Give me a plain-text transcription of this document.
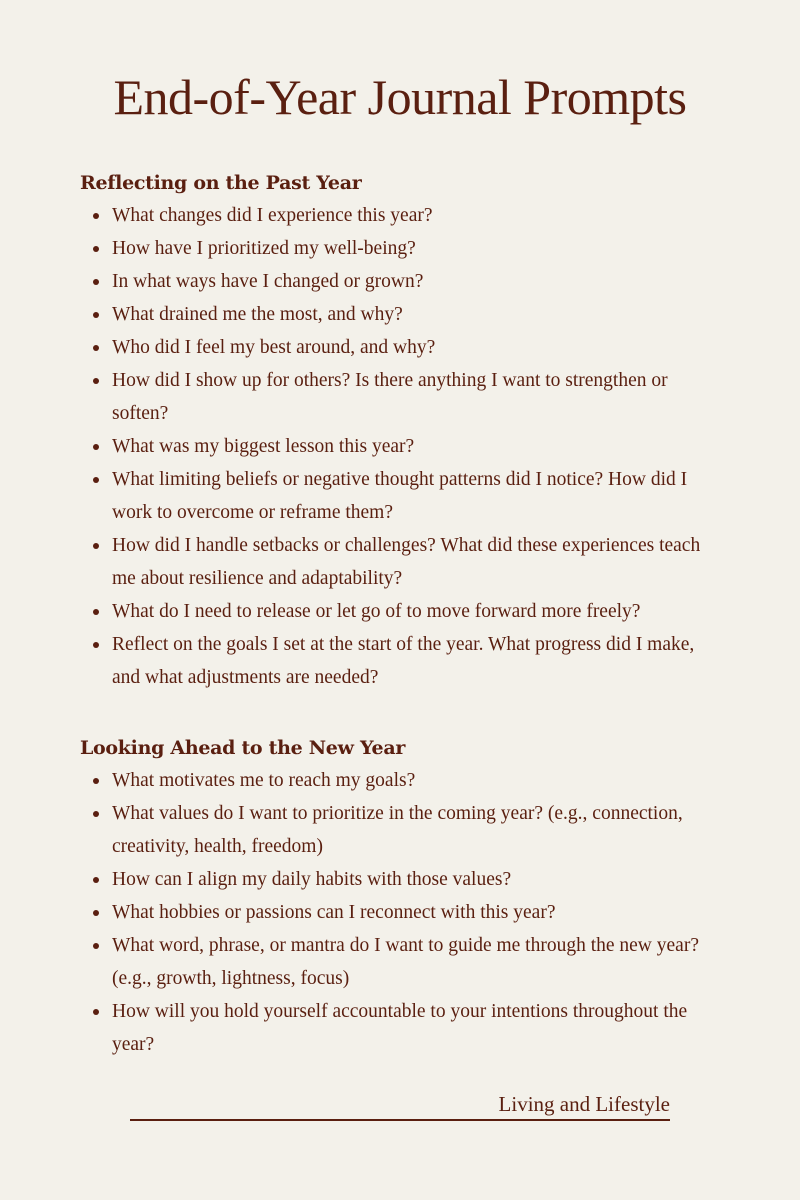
End-of-Year Journal Prompts
Reflecting on the Past Year
What changes did I experience this year?
How have I prioritized my well-being?
In what ways have I changed or grown?
What drained me the most, and why?
Who did I feel my best around, and why?
How did I show up for others? Is there anything I want to strengthen or soften?
What was my biggest lesson this year?
What limiting beliefs or negative thought patterns did I notice? How did I work to overcome or reframe them?
How did I handle setbacks or challenges? What did these experiences teach me about resilience and adaptability?
What do I need to release or let go of to move forward more freely?
Reflect on the goals I set at the start of the year. What progress did I make, and what adjustments are needed?
Looking Ahead to the New Year
What motivates me to reach my goals?
What values do I want to prioritize in the coming year? (e.g., connection, creativity, health, freedom)
How can I align my daily habits with those values?
What hobbies or passions can I reconnect with this year?
What word, phrase, or mantra do I want to guide me through the new year? (e.g., growth, lightness, focus)
How will you hold yourself accountable to your intentions throughout the year?
Living and Lifestyle
